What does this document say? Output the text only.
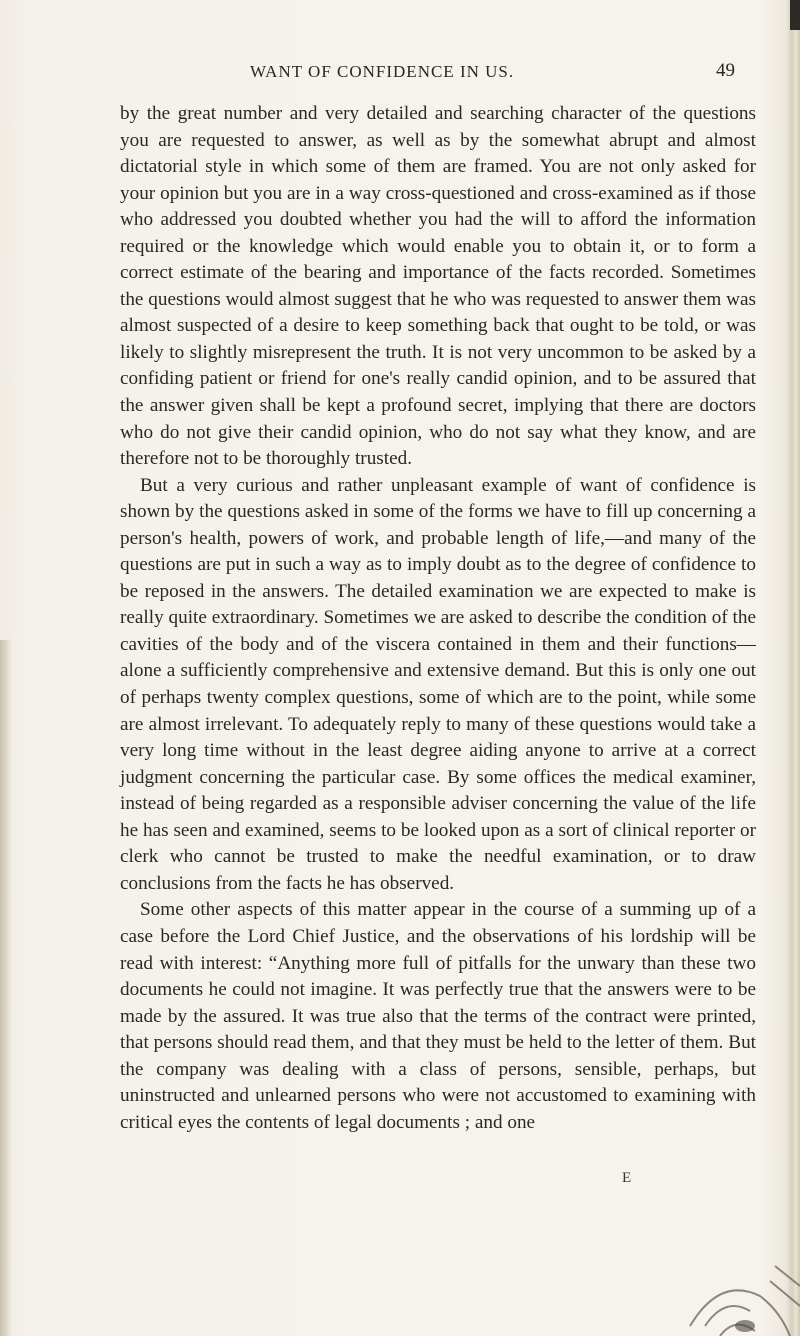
WANT OF CONFIDENCE IN US.	49

by the great number and very detailed and searching character of the questions you are requested to answer, as well as by the somewhat abrupt and almost dictatorial style in which some of them are framed. You are not only asked for your opinion but you are in a way cross-questioned and cross-examined as if those who addressed you doubted whether you had the will to afford the information required or the knowledge which would enable you to obtain it, or to form a correct estimate of the bearing and importance of the facts recorded. Sometimes the questions would almost suggest that he who was requested to answer them was almost suspected of a desire to keep something back that ought to be told, or was likely to slightly misrepresent the truth. It is not very uncommon to be asked by a confiding patient or friend for one's really candid opinion, and to be assured that the answer given shall be kept a profound secret, implying that there are doctors who do not give their candid opinion, who do not say what they know, and are therefore not to be thoroughly trusted.

But a very curious and rather unpleasant example of want of confidence is shown by the questions asked in some of the forms we have to fill up concerning a person's health, powers of work, and probable length of life,—and many of the questions are put in such a way as to imply doubt as to the degree of confidence to be reposed in the answers. The detailed examination we are expected to make is really quite extraordinary. Sometimes we are asked to describe the condition of the cavities of the body and of the viscera contained in them and their functions—alone a sufficiently comprehensive and extensive demand. But this is only one out of perhaps twenty complex questions, some of which are to the point, while some are almost irrelevant. To adequately reply to many of these questions would take a very long time without in the least degree aiding anyone to arrive at a correct judgment concerning the particular case. By some offices the medical examiner, instead of being regarded as a responsible adviser concerning the value of the life he has seen and examined, seems to be looked upon as a sort of clinical reporter or clerk who cannot be trusted to make the needful examination, or to draw conclusions from the facts he has observed.

Some other aspects of this matter appear in the course of a summing up of a case before the Lord Chief Justice, and the observations of his lordship will be read with interest: “Anything more full of pitfalls for the unwary than these two documents he could not imagine. It was perfectly true that the answers were to be made by the assured. It was true also that the terms of the contract were printed, that persons should read them, and that they must be held to the letter of them. But the company was dealing with a class of persons, sensible, perhaps, but uninstructed and unlearned persons who were not accustomed to examining with critical eyes the contents of legal documents ; and one

E
